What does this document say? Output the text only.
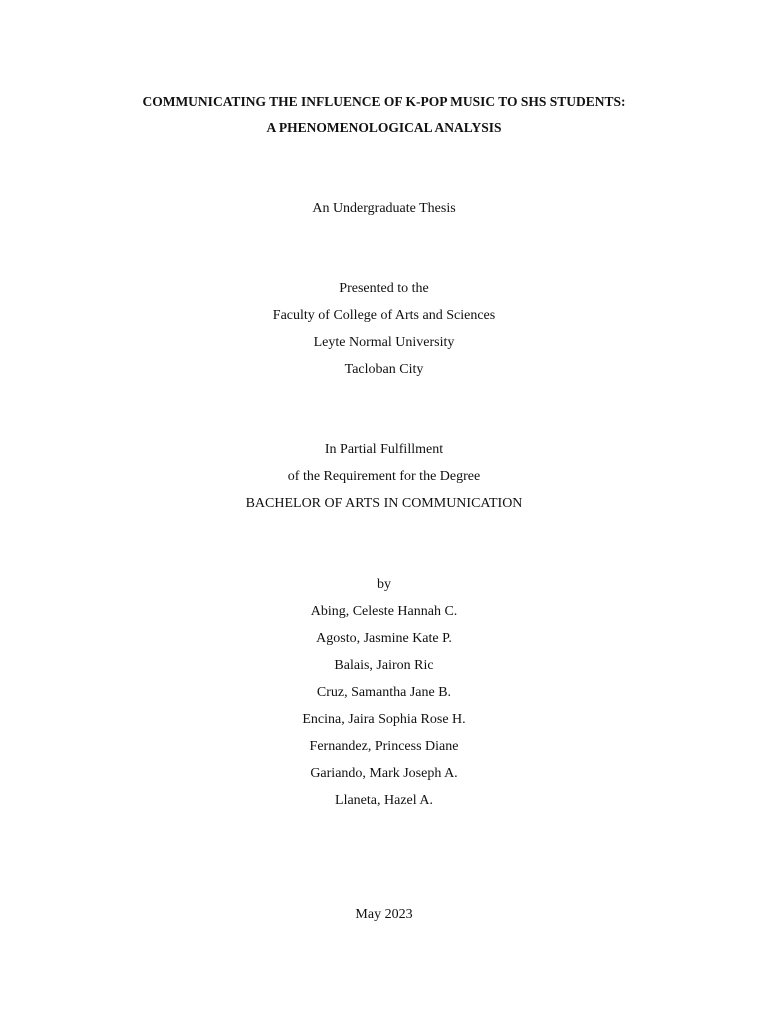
COMMUNICATING THE INFLUENCE OF K-POP MUSIC TO SHS STUDENTS:
A PHENOMENOLOGICAL ANALYSIS
An Undergraduate Thesis
Presented to the
Faculty of College of Arts and Sciences
Leyte Normal University
Tacloban City
In Partial Fulfillment
of the Requirement for the Degree
BACHELOR OF ARTS IN COMMUNICATION
by
Abing, Celeste Hannah C.
Agosto, Jasmine Kate P.
Balais, Jairon Ric
Cruz, Samantha Jane B.
Encina, Jaira Sophia Rose H.
Fernandez, Princess Diane
Gariando, Mark Joseph A.
Llaneta, Hazel A.
May 2023
